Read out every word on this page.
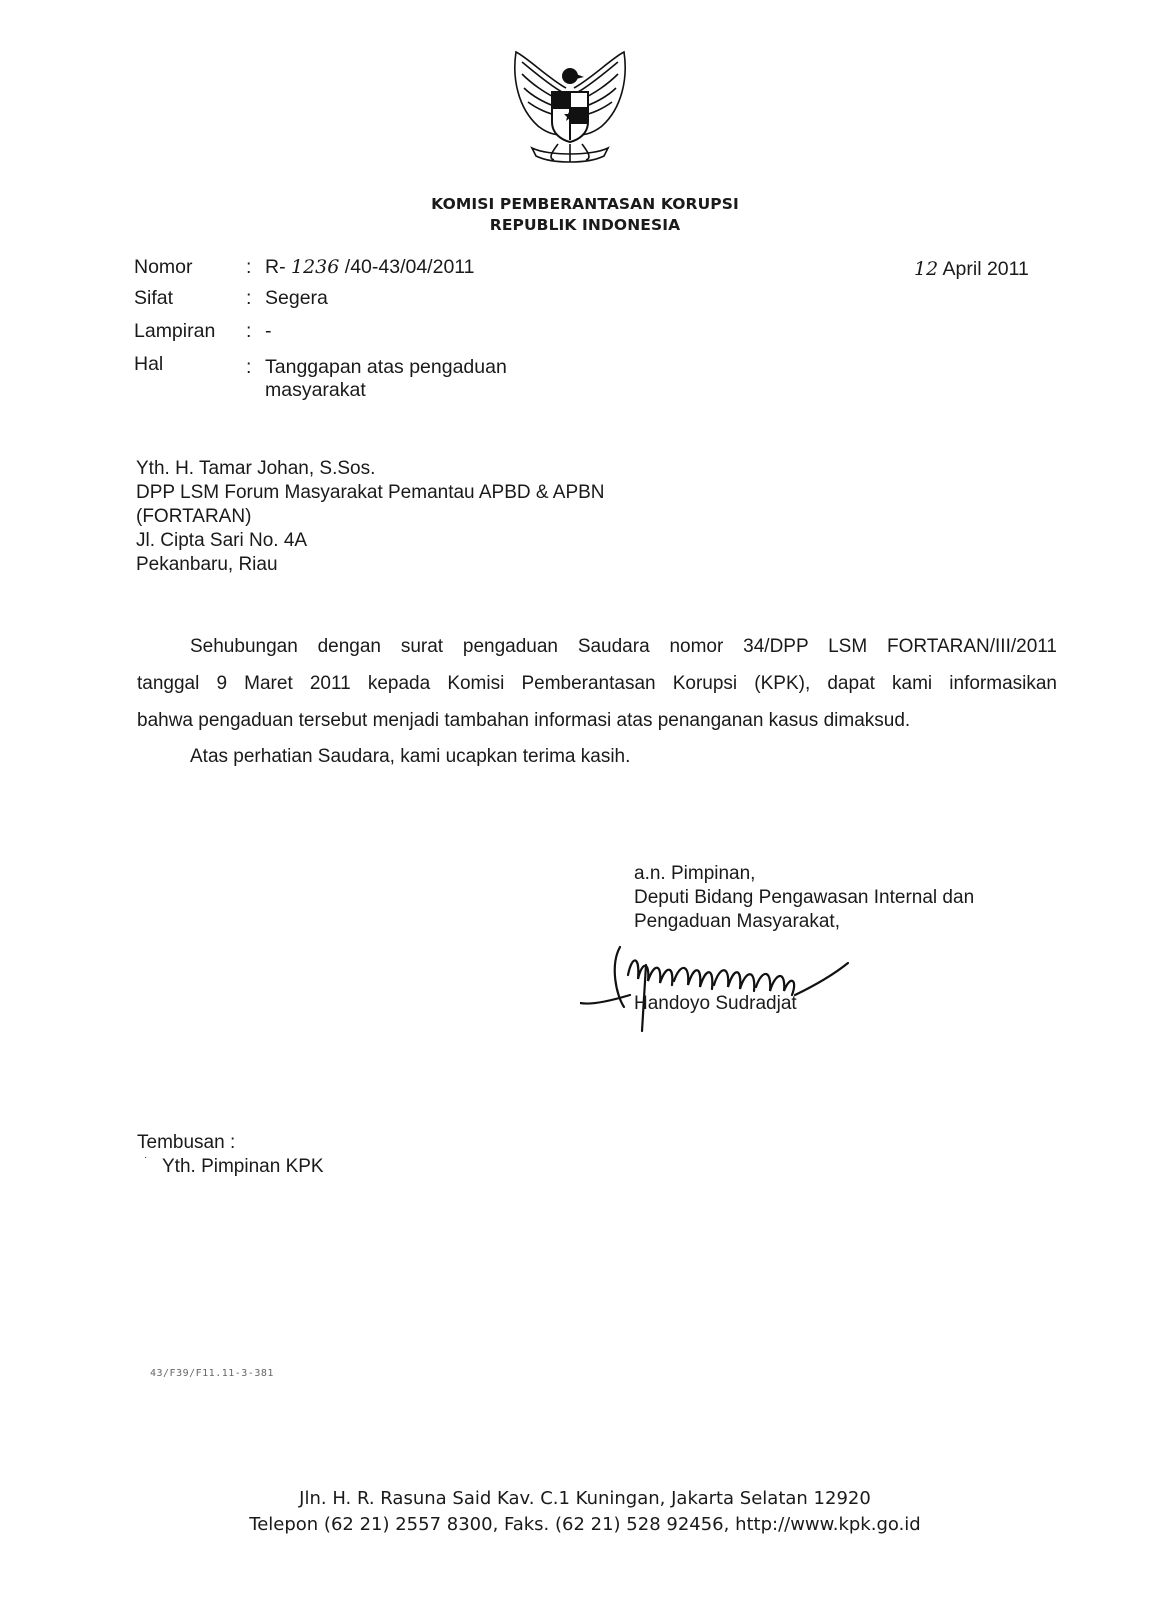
KOMISI PEMBERANTASAN KORUPSI
REPUBLIK INDONESIA
Nomor	: R- 1236 /40-43/04/2011	12 April 2011
Sifat	: Segera
Lampiran : -
Hal	: Tanggapan atas pengaduan
masyarakat
Yth. H. Tamar Johan, S.Sos.
DPP LSM Forum Masyarakat Pemantau APBD & APBN
(FORTARAN)
Jl. Cipta Sari No. 4A
Pekanbaru, Riau
Sehubungan dengan surat pengaduan Saudara nomor 34/DPP LSM FORTARAN/III/2011
tanggal 9 Maret 2011 kepada Komisi Pemberantasan Korupsi (KPK), dapat kami informasikan
bahwa pengaduan tersebut menjadi tambahan informasi atas penanganan kasus dimaksud.
Atas perhatian Saudara, kami ucapkan terima kasih.
a.n. Pimpinan,
Deputi Bidang Pengawasan Internal dan
Pengaduan Masyarakat,
Handoyo Sudradjat
Tembusan :
· Yth. Pimpinan KPK
43/F39/F11.11-3-381
Jln. H. R. Rasuna Said Kav. C.1 Kuningan, Jakarta Selatan 12920
Telepon (62 21) 2557 8300, Faks. (62 21) 528 92456, http://www.kpk.go.id
